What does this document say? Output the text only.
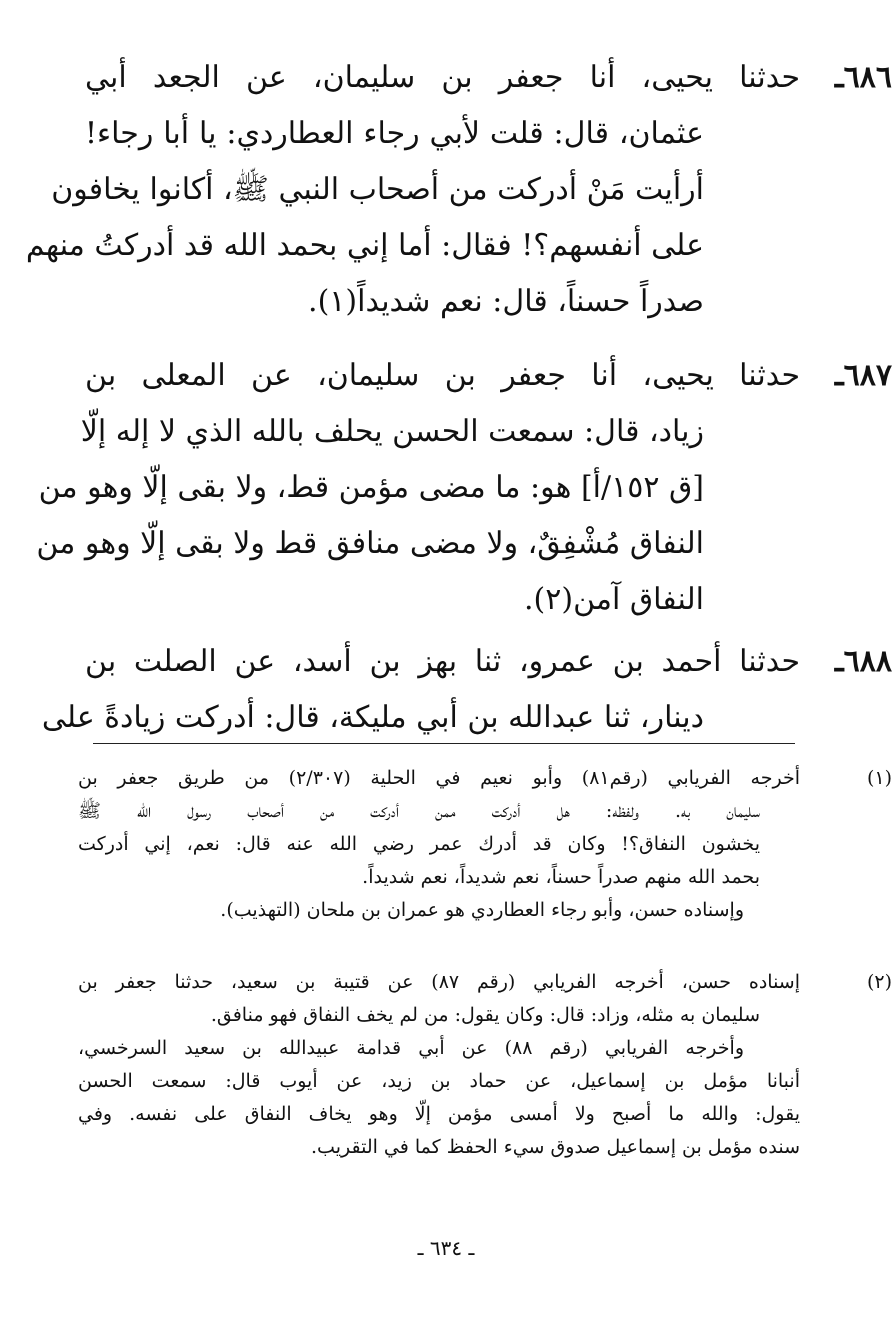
٦٨٦ـ
حدثنا يحيى، أنا جعفر بن سليمان، عن الجعد أبي
عثمان، قال: قلت لأبي رجاء العطاردي: يا أبا رجاء!
أرأيت مَنْ أدركت من أصحاب النبي ﷺ، أكانوا يخافون
على أنفسهم؟! فقال: أما إني بحمد الله قد أدركتُ منهم
صدراً حسناً، قال: نعم شديداً(١).
٦٨٧ـ
حدثنا يحيى، أنا جعفر بن سليمان، عن المعلى بن
زياد، قال: سمعت الحسن يحلف بالله الذي لا إله إلّا
[ق ١٥٢/أ] هو: ما مضى مؤمن قط، ولا بقى إلّا وهو من
النفاق مُشْفِقٌ، ولا مضى منافق قط ولا بقى إلّا وهو من
النفاق آمن(٢).
٦٨٨ـ
حدثنا أحمد بن عمرو، ثنا بهز بن أسد، عن الصلت بن
دينار، ثنا عبدالله بن أبي مليكة، قال: أدركت زيادةً على
(١)
أخرجه الفريابي (رقم٨١) وأبو نعيم في الحلية (٢/٣٠٧) من طريق جعفر بن
سليمان به. ولفظه: هل أدركت ممن أدركت من أصحاب رسول الله ﷺ
يخشون النفاق؟! وكان قد أدرك عمر رضي الله عنه قال: نعم، إني أدركت
بحمد الله منهم صدراً حسناً، نعم شديداً، نعم شديداً.
وإسناده حسن، وأبو رجاء العطاردي هو عمران بن ملحان (التهذيب).
(٢)
إسناده حسن، أخرجه الفريابي (رقم ٨٧) عن قتيبة بن سعيد، حدثنا جعفر بن
سليمان به مثله، وزاد: قال: وكان يقول: من لم يخف النفاق فهو منافق.
وأخرجه الفريابي (رقم ٨٨) عن أبي قدامة عبيدالله بن سعيد السرخسي،
أنبانا مؤمل بن إسماعيل، عن حماد بن زيد، عن أيوب قال: سمعت الحسن
يقول: والله ما أصبح ولا أمسى مؤمن إلّا وهو يخاف النفاق على نفسه. وفي
سنده مؤمل بن إسماعيل صدوق سيء الحفظ كما في التقريب.
ـ ٦٣٤ ـ
